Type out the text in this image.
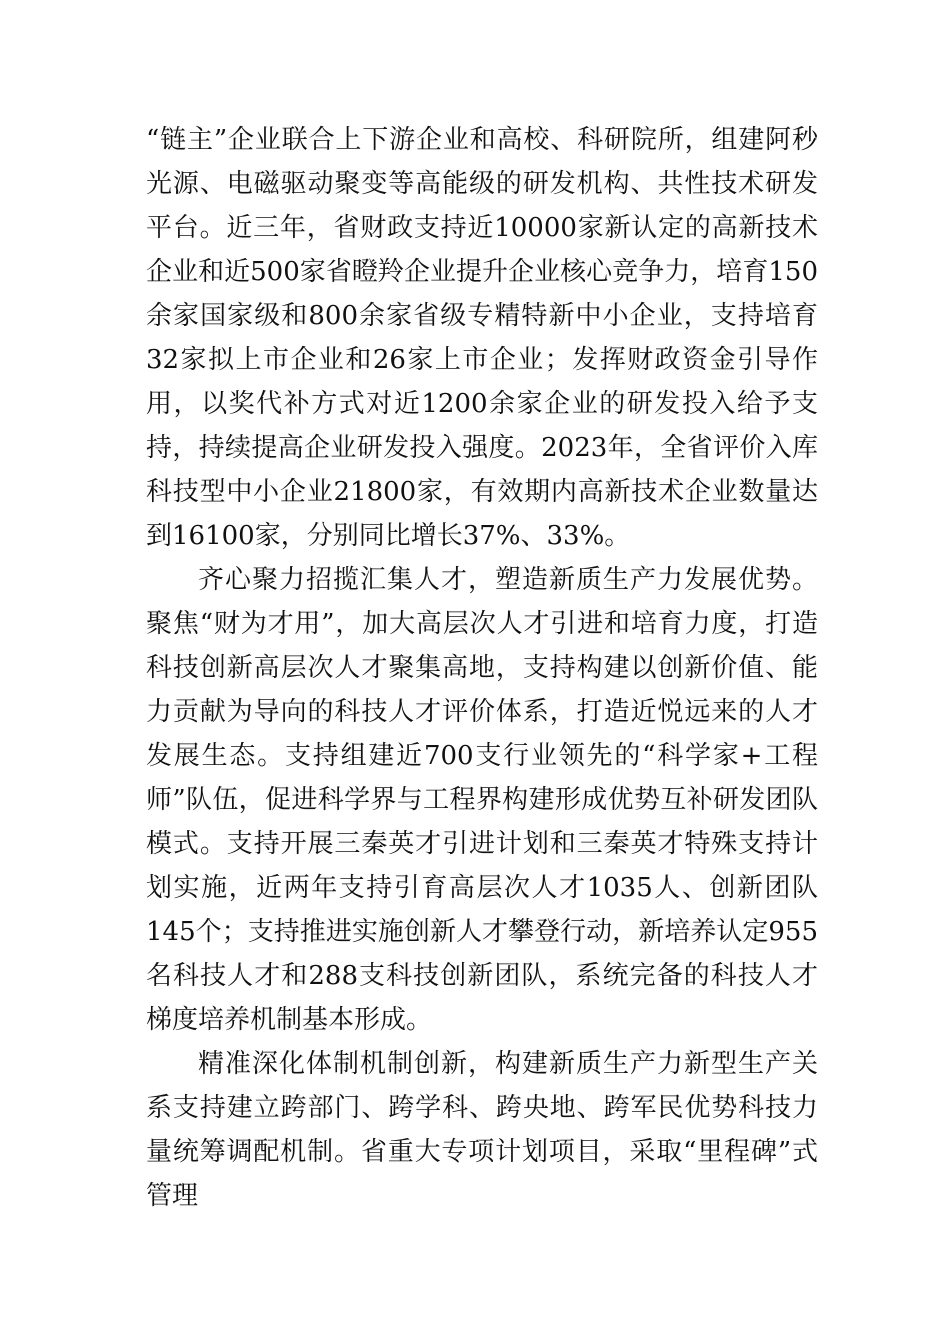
“链主”企业联合上下游企业和高校、科研院所，组建阿秒光源、电磁驱动聚变等高能级的研发机构、共性技术研发平台。近三年，省财政支持近10000家新认定的高新技术企业和近500家省瞪羚企业提升企业核心竞争力，培育150余家国家级和800余家省级专精特新中小企业，支持培育32家拟上市企业和26家上市企业；发挥财政资金引导作用，以奖代补方式对近1200余家企业的研发投入给予支持，持续提高企业研发投入强度。2023年，全省评价入库科技型中小企业21800家，有效期内高新技术企业数量达到16100家，分别同比增长37%、33%。

齐心聚力招揽汇集人才，塑造新质生产力发展优势。聚焦“财为才用”，加大高层次人才引进和培育力度，打造科技创新高层次人才聚集高地，支持构建以创新价值、能力贡献为导向的科技人才评价体系，打造近悦远来的人才发展生态。支持组建近700支行业领先的“科学家+工程师”队伍，促进科学界与工程界构建形成优势互补研发团队模式。支持开展三秦英才引进计划和三秦英才特殊支持计划实施，近两年支持引育高层次人才1035人、创新团队145个；支持推进实施创新人才攀登行动，新培养认定955名科技人才和288支科技创新团队，系统完备的科技人才梯度培养机制基本形成。

精准深化体制机制创新，构建新质生产力新型生产关系支持建立跨部门、跨学科、跨央地、跨军民优势科技力量统筹调配机制。省重大专项计划项目，采取“里程碑”式管理
